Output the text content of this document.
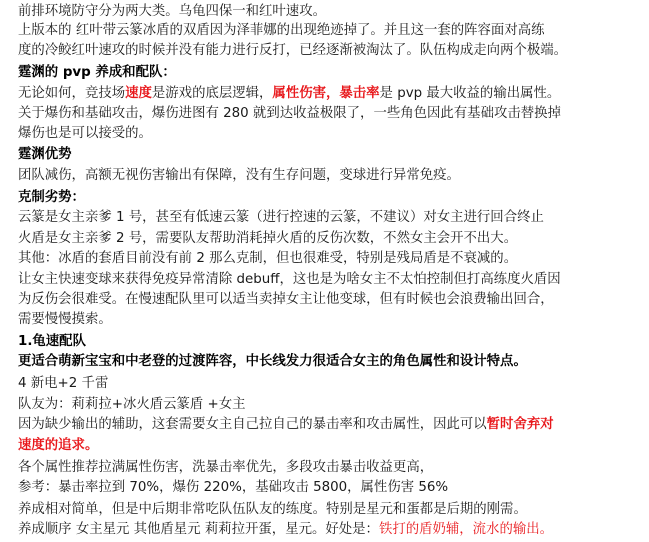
前排环境防守分为两大类。乌龟四保一和红叶速攻。
上版本的 红叶带云篆冰盾的双盾因为泽菲娜的出现绝迹掉了。并且这一套的阵容面对高练
度的冷鲛红叶速攻的时候并没有能力进行反打，已经逐渐被淘汰了。队伍构成走向两个极端。
霆渊的 pvp 养成和配队：
无论如何，竞技场速度是游戏的底层逻辑，属性伤害，暴击率是 pvp 最大收益的输出属性。
关于爆伤和基础攻击，爆伤进图有 280 就到达收益极限了，一些角色因此有基础攻击替换掉
爆伤也是可以接受的。
霆渊优势
团队减伤，高额无视伤害输出有保障，没有生存问题，变球进行异常免疫。
克制劣势：
云篆是女主亲爹 1 号，甚至有低速云篆（进行控速的云篆，不建议）对女主进行回合终止
火盾是女主亲爹 2 号，需要队友帮助消耗掉火盾的反伤次数，不然女主会开不出大。
其他：冰盾的套盾目前没有前 2 那么克制，但也很难受，特别是残局盾是不衰减的。
让女主快速变球来获得免疫异常清除 debuff，这也是为啥女主不太怕控制但打高练度火盾因
为反伤会很难受。在慢速配队里可以适当卖掉女主让他变球，但有时候也会浪费输出回合，
需要慢慢摸索。
1.龟速配队
更适合萌新宝宝和中老登的过渡阵容，中长线发力很适合女主的角色属性和设计特点。
4 新电+2 千雷
队友为：莉莉拉+冰火盾云篆盾 +女主
因为缺少输出的辅助，这套需要女主自己拉自己的暴击率和攻击属性，因此可以暂时舍弃对
速度的追求。
各个属性推荐拉满属性伤害，洗暴击率优先，多段攻击暴击收益更高，
参考：暴击率拉到 70%，爆伤 220%，基础攻击 5800，属性伤害 56%
养成相对简单，但是中后期非常吃队伍队友的练度。特别是星元和蛋都是后期的刚需。
养成顺序 女主星元 其他盾星元 莉莉拉开蛋，星元。好处是：铁打的盾奶辅，流水的输出。
